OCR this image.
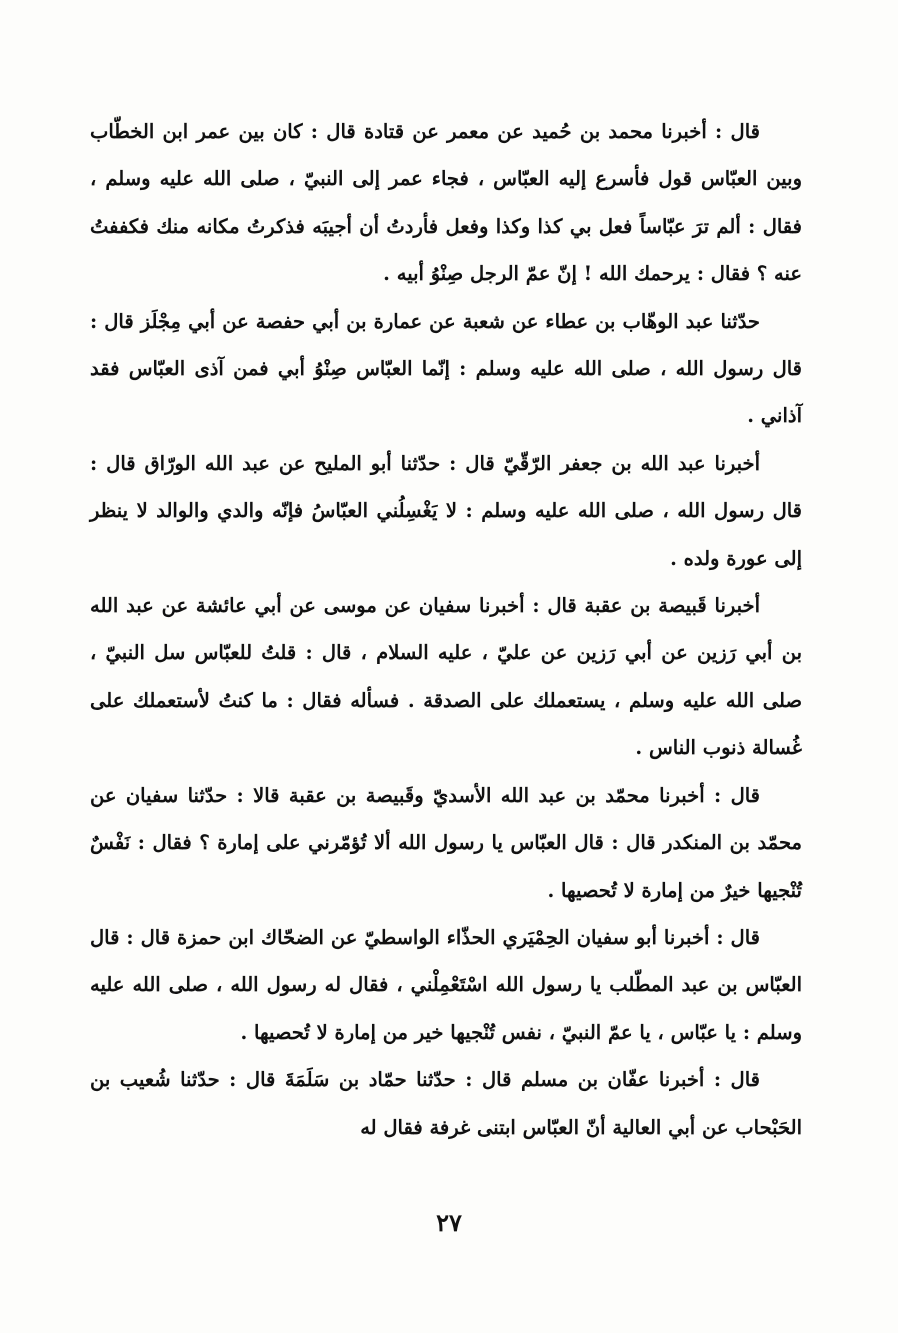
قال : أخبرنا محمد بن حُميد عن معمر عن قتادة قال : كان بين عمر ابن الخطّاب وبين العبّاس قول فأسرع إليه العبّاس ، فجاء عمر إلى النبيّ ، صلى الله عليه وسلم ، فقال : ألم ترَ عبّاساً فعل بي كذا وكذا وفعل فأردتُ أن أجيبَه فذكرتُ مكانه منك فكففتُ عنه ؟ فقال : يرحمك الله ! إنّ عمّ الرجل صِنْوُ أبيه .

حدّثنا عبد الوهّاب بن عطاء عن شعبة عن عمارة بن أبي حفصة عن أبي مِجْلَز قال : قال رسول الله ، صلى الله عليه وسلم : إنّما العبّاس صِنْوُ أبي فمن آذى العبّاس فقد آذاني .

أخبرنا عبد الله بن جعفر الرّقّيّ قال : حدّثنا أبو المليح عن عبد الله الورّاق قال : قال رسول الله ، صلى الله عليه وسلم : لا يَغْسِلُني العبّاسُ فإنّه والدي والوالد لا ينظر إلى عورة ولده .

أخبرنا قَبيصة بن عقبة قال : أخبرنا سفيان عن موسى عن أبي عائشة عن عبد الله بن أبي رَزين عن أبي رَزين عن عليّ ، عليه السلام ، قال : قلتُ للعبّاس سل النبيّ ، صلى الله عليه وسلم ، يستعملك على الصدقة . فسأله فقال : ما كنتُ لأستعملك على غُسالة ذنوب الناس .

قال : أخبرنا محمّد بن عبد الله الأسديّ وقَبيصة بن عقبة قالا : حدّثنا سفيان عن محمّد بن المنكدر قال : قال العبّاس يا رسول الله ألا تُؤمّرني على إمارة ؟ فقال : نَفْسٌ تُنْجيها خيرٌ من إمارة لا تُحصيها .

قال : أخبرنا أبو سفيان الحِمْيَري الحذّاء الواسطيّ عن الضحّاك ابن حمزة قال : قال العبّاس بن عبد المطّلب يا رسول الله اسْتَعْمِلْني ، فقال له رسول الله ، صلى الله عليه وسلم : يا عبّاس ، يا عمّ النبيّ ، نفس تُنْجيها خير من إمارة لا تُحصيها .

قال : أخبرنا عفّان بن مسلم قال : حدّثنا حمّاد بن سَلَمَةَ قال : حدّثنا شُعيب بن الحَبْحاب عن أبي العالية أنّ العبّاس ابتنى غرفة فقال له

٢٧
